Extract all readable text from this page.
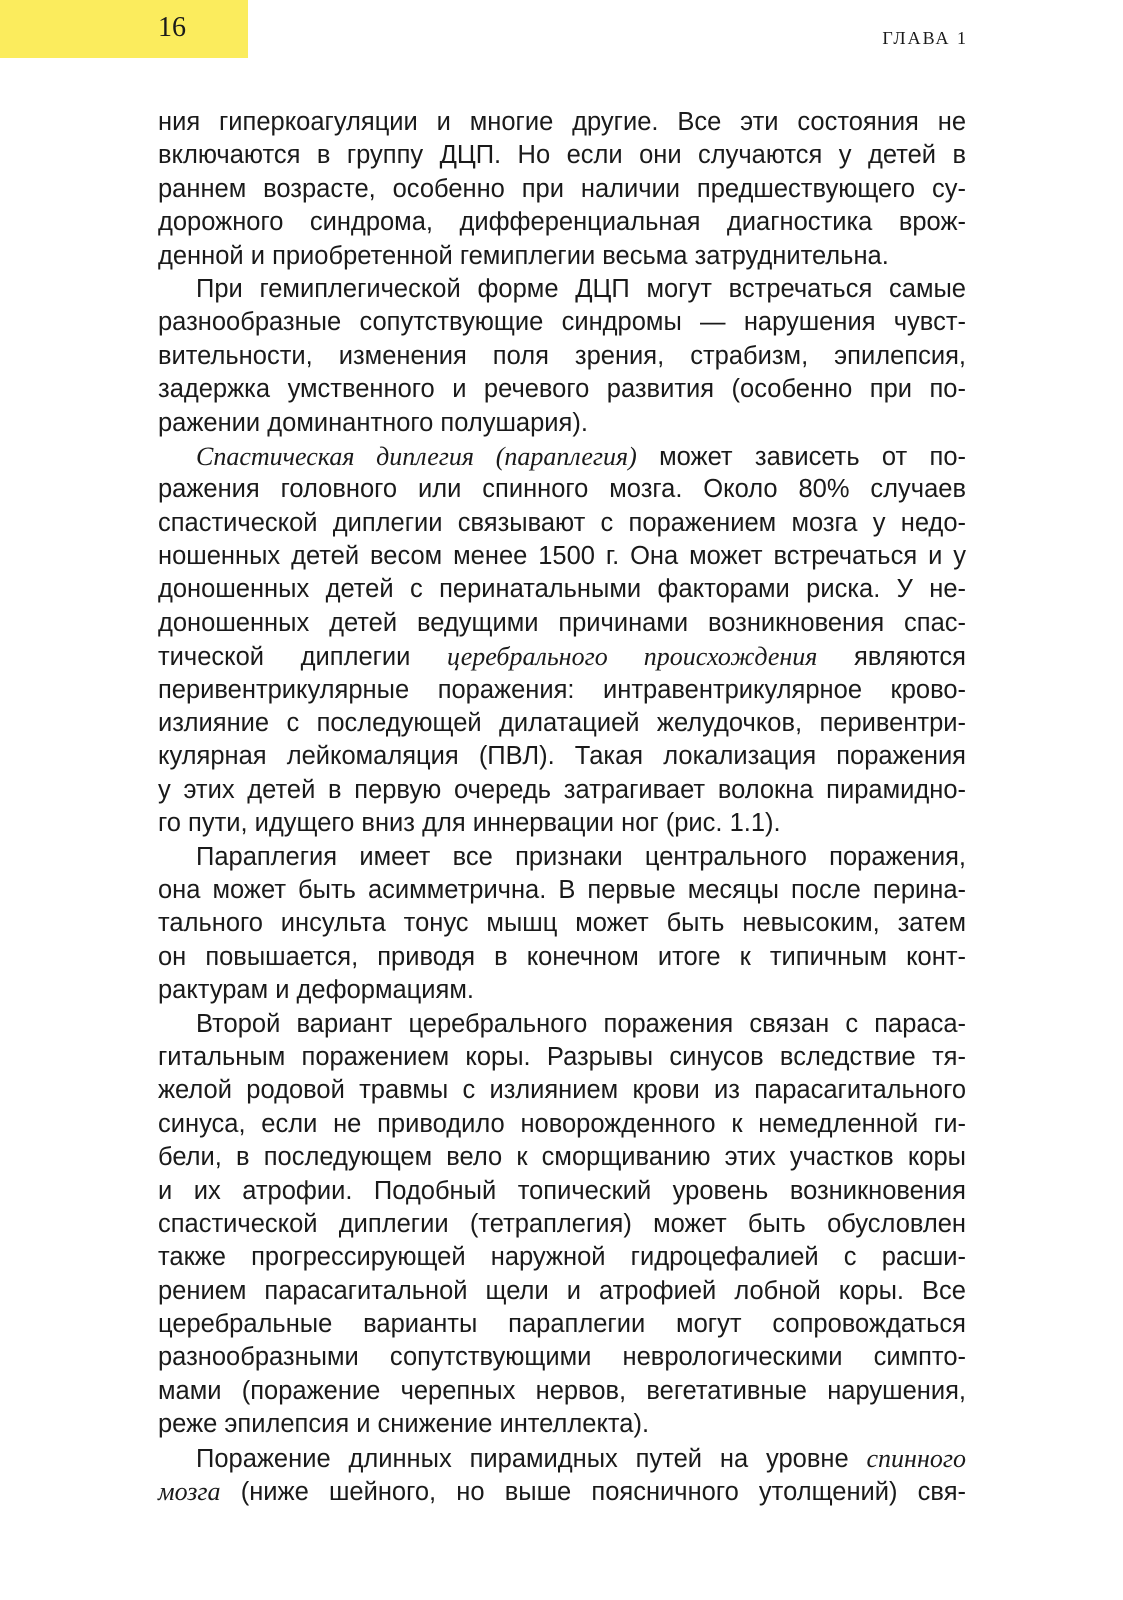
16	ГЛАВА 1
ния гиперкоагуляции и многие другие. Все эти состояния не
включаются в группу ДЦП. Но если они случаются у детей в
раннем возрасте, особенно при наличии предшествующего су-
дорожного синдрома, дифференциальная диагностика врож-
денной и приобретенной гемиплегии весьма затруднительна.
При гемиплегической форме ДЦП могут встречаться самые
разнообразные сопутствующие синдромы — нарушения чувст-
вительности, изменения поля зрения, страбизм, эпилепсия,
задержка умственного и речевого развития (особенно при по-
ражении доминантного полушария).
Спастическая диплегия (параплегия) может зависеть от по-
ражения головного или спинного мозга. Около 80% случаев
спастической диплегии связывают с поражением мозга у недо-
ношенных детей весом менее 1500 г. Она может встречаться и у
доношенных детей с перинатальными факторами риска. У не-
доношенных детей ведущими причинами возникновения спас-
тической диплегии церебрального происхождения являются
перивентрикулярные поражения: интравентрикулярное крово-
излияние с последующей дилатацией желудочков, перивентри-
кулярная лейкомаляция (ПВЛ). Такая локализация поражения
у этих детей в первую очередь затрагивает волокна пирамидно-
го пути, идущего вниз для иннервации ног (рис. 1.1).
Параплегия имеет все признаки центрального поражения,
она может быть асимметрична. В первые месяцы после перина-
тального инсульта тонус мышц может быть невысоким, затем
он повышается, приводя в конечном итоге к типичным конт-
рактурам и деформациям.
Второй вариант церебрального поражения связан с параса-
гитальным поражением коры. Разрывы синусов вследствие тя-
желой родовой травмы с излиянием крови из парасагитального
синуса, если не приводило новорожденного к немедленной ги-
бели, в последующем вело к сморщиванию этих участков коры
и их атрофии. Подобный топический уровень возникновения
спастической диплегии (тетраплегия) может быть обусловлен
также прогрессирующей наружной гидроцефалией с расши-
рением парасагитальной щели и атрофией лобной коры. Все
церебральные варианты параплегии могут сопровождаться
разнообразными сопутствующими неврологическими симпто-
мами (поражение черепных нервов, вегетативные нарушения,
реже эпилепсия и снижение интеллекта).
Поражение длинных пирамидных путей на уровне спинного
мозга (ниже шейного, но выше поясничного утолщений) свя-
